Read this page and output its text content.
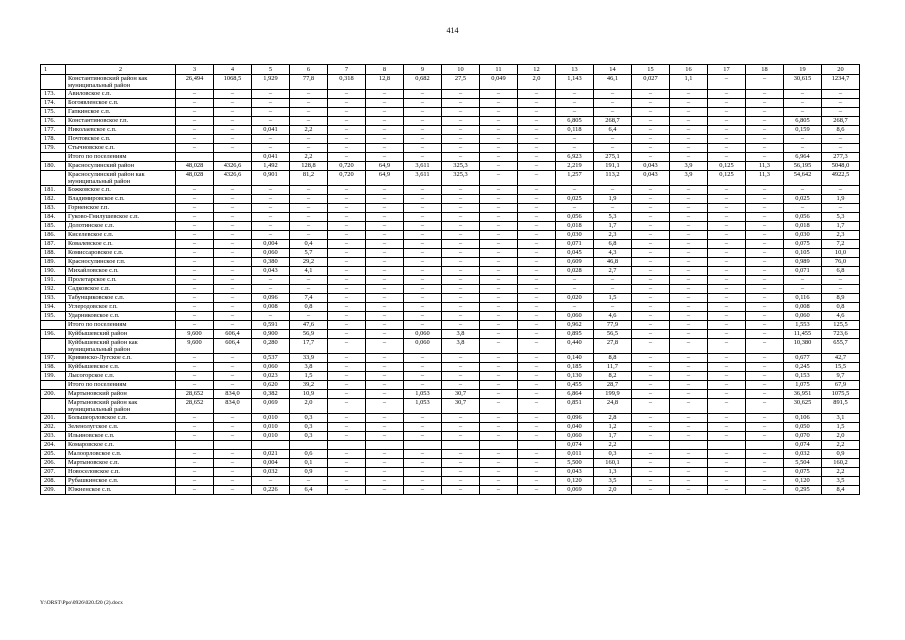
414
1	2	3	4	5	6	7	8	9	10	11	12	13	14	15	16	17	18	19	20
	Константиновский район как муниципальный район	26,494	1068,5	1,929	77,8	0,318	12,8	0,682	27,5	0,049	2,0	1,143	46,1	0,027	1,1	–	–	30,615	1234,7
173.	Авиловское с.п.	–	–	–	–	–	–	–	–	–	–	–	–	–	–	–	–	–	–
174.	Богоявленское с.п.	–	–	–	–	–	–	–	–	–	–	–	–	–	–	–	–	–	–
175.	Гапкинское с.п.	–	–	–	–	–	–	–	–	–	–	–	–	–	–	–	–	–	–
176.	Константиновское г.п.	–	–	–	–	–	–	–	–	–	–	6,805	268,7	–	–	–	–	6,805	268,7
177.	Николаевское с.п.	–	–	0,041	2,2	–	–	–	–	–	–	0,118	6,4	–	–	–	–	0,159	8,6
178.	Почтовское с.п.	–	–	–	–	–	–	–	–	–	–	–	–	–	–	–	–	–	–
179.	Стычновское с.п.	–	–	–	–	–	–	–	–	–	–	–	–	–	–	–	–	–	–
	Итого по поселениям			0,041	2,2	–	–	–	–	–	–	6,923	275,1	–	–	–	–	6,964	277,3
180.	Красносулинский район	48,028	4326,6	1,492	128,8	0,720	64,9	3,611	325,3	–	–	2,219	191,1	0,043	3,9	0,125	11,3	56,195	5048,0
	Красносулинский район как муниципальный район	48,028	4326,6	0,901	81,2	0,720	64,9	3,611	325,3	–	–	1,257	113,2	0,043	3,9	0,125	11,3	54,642	4922,5
181.	Божковское с.п.	–	–	–	–	–	–	–	–	–	–	–	–	–	–	–	–	–	–
182.	Владимировское с.п.	–	–	–	–	–	–	–	–	–	–	0,025	1,9	–	–	–	–	0,025	1,9
183.	Горненское г.п.	–	–	–	–	–	–	–	–	–	–	–	–	–	–	–	–	–	–
184.	Гуково-Гнилушевское с.п.	–	–	–	–	–	–	–	–	–	–	0,056	5,3	–	–	–	–	0,056	5,3
185.	Долотинское с.п.	–	–	–	–	–	–	–	–	–	–	0,018	1,7	–	–	–	–	0,018	1,7
186.	Киселевское с.п.	–	–	–	–	–	–	–	–	–	–	0,030	2,3	–	–	–	–	0,030	2,3
187.	Ковалевское с.п.	–	–	0,004	0,4	–	–	–	–	–	–	0,071	6,8	–	–	–	–	0,075	7,2
188.	Комиссаровское с.п.	–	–	0,060	5,7	–	–	–	–	–	–	0,045	4,3	–	–	–	–	0,105	10,0
189.	Красносулинское г.п.	–	–	0,380	29,2	–	–	–	–	–	–	0,609	46,8	–	–	–	–	0,989	76,0
190.	Михайловское с.п.	–	–	0,043	4,1	–	–	–	–	–	–	0,028	2,7	–	–	–	–	0,071	6,8
191.	Пролетарское с.п.	–	–	–	–	–	–	–	–	–	–	–	–	–	–	–	–	–	–
192.	Садковское с.п.	–	–	–	–	–	–	–	–	–	–	–	–	–	–	–	–	–	–
193.	Табунщиковское с.п.	–	–	0,096	7,4	–	–	–	–	–	–	0,020	1,5	–	–	–	–	0,116	8,9
194.	Углеродовское г.п.	–	–	0,008	0,8	–	–	–	–	–	–	–	–	–	–	–	–	0,008	0,8
195.	Ударниковское с.п.	–	–	–	–	–	–	–	–	–	–	0,060	4,6	–	–	–	–	0,060	4,6
	Итого по поселениям	–	–	0,591	47,6	–	–	–	–	–	–	0,962	77,9	–	–	–	–	1,553	125,5
196.	Куйбышевский район	9,600	606,4	0,900	56,9	–	–	0,060	3,8	–	–	0,895	56,5	–	–	–	–	11,455	723,6
	Куйбышевский район как муниципальный район	9,600	606,4	0,280	17,7	–	–	0,060	3,8	–	–	0,440	27,8	–	–	–	–	10,380	655,7
197.	Кривянско-Лугское с.п.	–	–	0,537	33,9	–	–	–	–	–	–	0,140	8,8	–	–	–	–	0,677	42,7
198.	Куйбышевское с.п.	–	–	0,060	3,8	–	–	–	–	–	–	0,185	11,7	–	–	–	–	0,245	15,5
199.	Лысогорское с.п.	–	–	0,023	1,5	–	–	–	–	–	–	0,130	8,2	–	–	–	–	0,153	9,7
	Итого по поселениям	–	–	0,620	39,2	–	–	–	–	–	–	0,455	28,7	–	–	–	–	1,075	67,9
200.	Мартыновский район	28,652	834,0	0,382	10,9	–	–	1,053	30,7	–	–	6,864	199,9	–	–	–	–	36,951	1075,5
	Мартыновский район как муниципальный район	28,652	834,0	0,069	2,0	–	–	1,053	30,7	–	–	0,851	24,8	–	–	–	–	30,625	891,5
201.	Большеорловское с.п.	–	–	0,010	0,3	–	–	–	–	–	–	0,096	2,8	–	–	–	–	0,106	3,1
202.	Зеленолугское с.п.	–	–	0,010	0,3	–	–	–	–	–	–	0,040	1,2	–	–	–	–	0,050	1,5
203.	Ильиновское с.п.	–	–	0,010	0,3	–	–	–	–	–	–	0,060	1,7	–	–	–	–	0,070	2,0
204.	Комаровское с.п.											0,074	2,2					0,074	2,2
205.	Малоорловское с.п.	–	–	0,021	0,6	–	–	–	–	–	–	0,011	0,3	–	–	–	–	0,032	0,9
206.	Мартыновское с.п.	–	–	0,004	0,1	–	–	–	–	–	–	5,500	160,1	–	–	–	–	5,504	160,2
207.	Новоселовское с.п.	–	–	0,032	0,9	–	–	–	–	–	–	0,043	1,3	–	–	–	–	0,075	2,2
208.	Рубашкинское с.п.	–	–	–	–	–	–	–	–	–	–	0,120	3,5	–	–	–	–	0,120	3,5
209.	Южненское с.п.	–	–	0,226	6,4	–	–	–	–	–	–	0,069	2,0	–	–	–	–	0,295	8,4
Y:\ORST\Ppo\0926\020.f20 (2).docx
